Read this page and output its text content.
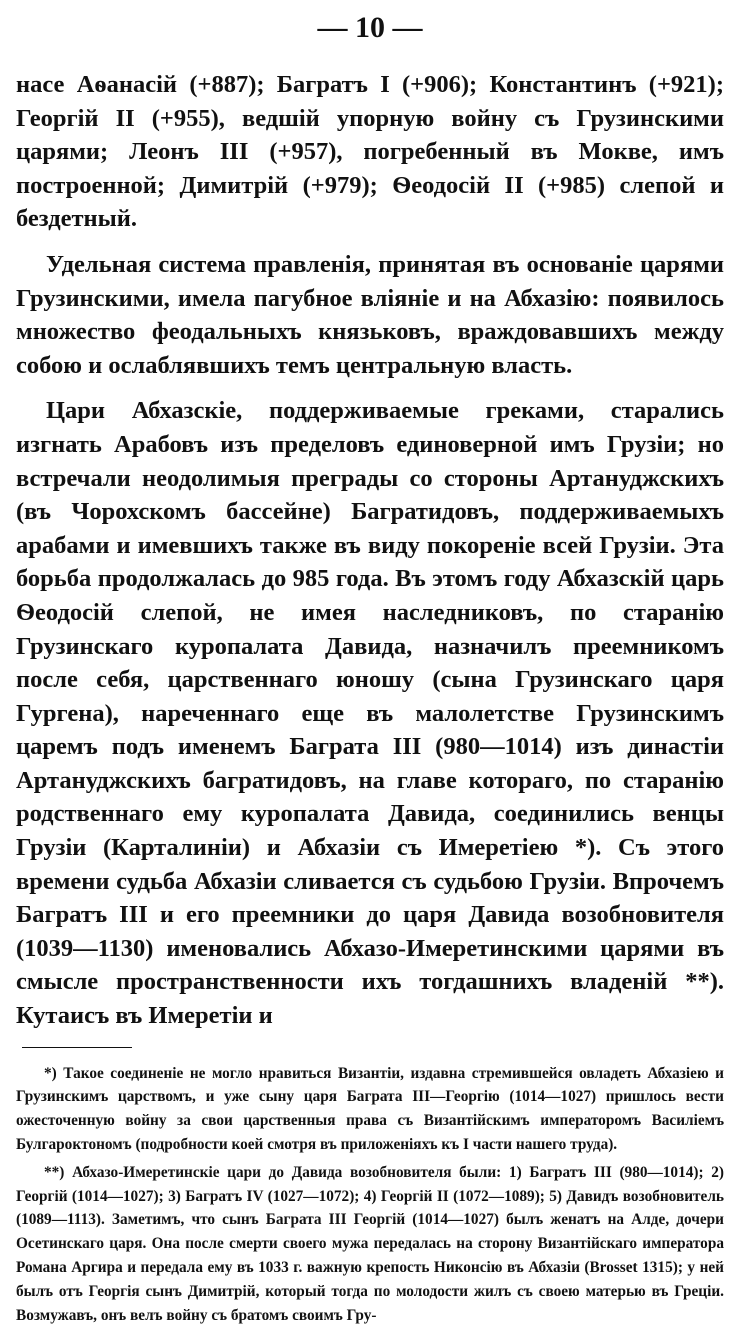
— 10 —

насе Аѳанасій (+887); Багратъ I (+906); Константинъ (+921); Георгій II (+955), ведшій упорную войну съ Грузинскими царями; Леонъ III (+957), погребенный въ Мокве, имъ построенной; Димитрій (+979); Ѳеодосій II (+985) слепой и бездетный.

Удельная система правленія, принятая въ основаніе царями Грузинскими, имела пагубное вліяніе и на Абхазію: появилось множество феодальныхъ князьковъ, враждовавшихъ между собою и ослаблявшихъ темъ центральную власть.

Цари Абхазскіе, поддерживаемые греками, старались изгнать Арабовъ изъ пределовъ единоверной имъ Грузіи; но встречали неодолимыя преграды со стороны Артануджскихъ (въ Чорохскомъ бассейне) Багратидовъ, поддерживаемыхъ арабами и имевшихъ также въ виду покореніе всей Грузіи. Эта борьба продолжалась до 985 года. Въ этомъ году Абхазскій царь Ѳеодосій слепой, не имея наследниковъ, по старанію Грузинскаго куропалата Давида, назначилъ преемникомъ после себя, царственнаго юношу (сына Грузинскаго царя Гургена), нареченнаго еще въ малолетстве Грузинскимъ царемъ подъ именемъ Баграта III (980—1014) изъ династіи Артануджскихъ багратидовъ, на главе котораго, по старанію родственнаго ему куропалата Давида, соединились венцы Грузіи (Карталиніи) и Абхазіи съ Имеретіею *). Съ этого времени судьба Абхазіи сливается съ судьбою Грузіи. Впрочемъ Багратъ III и его преемники до царя Давида возобновителя (1039—1130) именовались Абхазо-Имеретинскими царями въ смысле пространственности ихъ тогдашнихъ владеній **). Кутаисъ въ Имеретіи и

*) Такое соединеніе не могло нравиться Византіи, издавна стремившейся овладеть Абхазіею и Грузинскимъ царствомъ, и уже сыну царя Баграта III—Георгію (1014—1027) пришлось вести ожесточенную войну за свои царственныя права съ Византійскимъ императоромъ Василіемъ Булгароктономъ (подробности коей смотря въ приложеніяхъ къ I части нашего труда).

**) Абхазо-Имеретинскіе цари до Давида возобновителя были: 1) Багратъ III (980—1014); 2) Георгій (1014—1027); 3) Багратъ IV (1027—1072); 4) Георгій II (1072—1089); 5) Давидъ возобновитель (1089—1113). Заметимъ, что сынъ Баграта III Георгій (1014—1027) былъ женатъ на Алде, дочери Осетинскаго царя. Она после смерти своего мужа передалась на сторону Византійскаго императора Романа Аргира и передала ему въ 1033 г. важную крепость Никонсію въ Абхазіи (Brosset 1315); у ней былъ отъ Георгія сынъ Димитрій, который тогда по молодости жилъ съ своею матерью въ Греціи. Возмужавъ, онъ велъ войну съ братомъ своимъ Гру-
